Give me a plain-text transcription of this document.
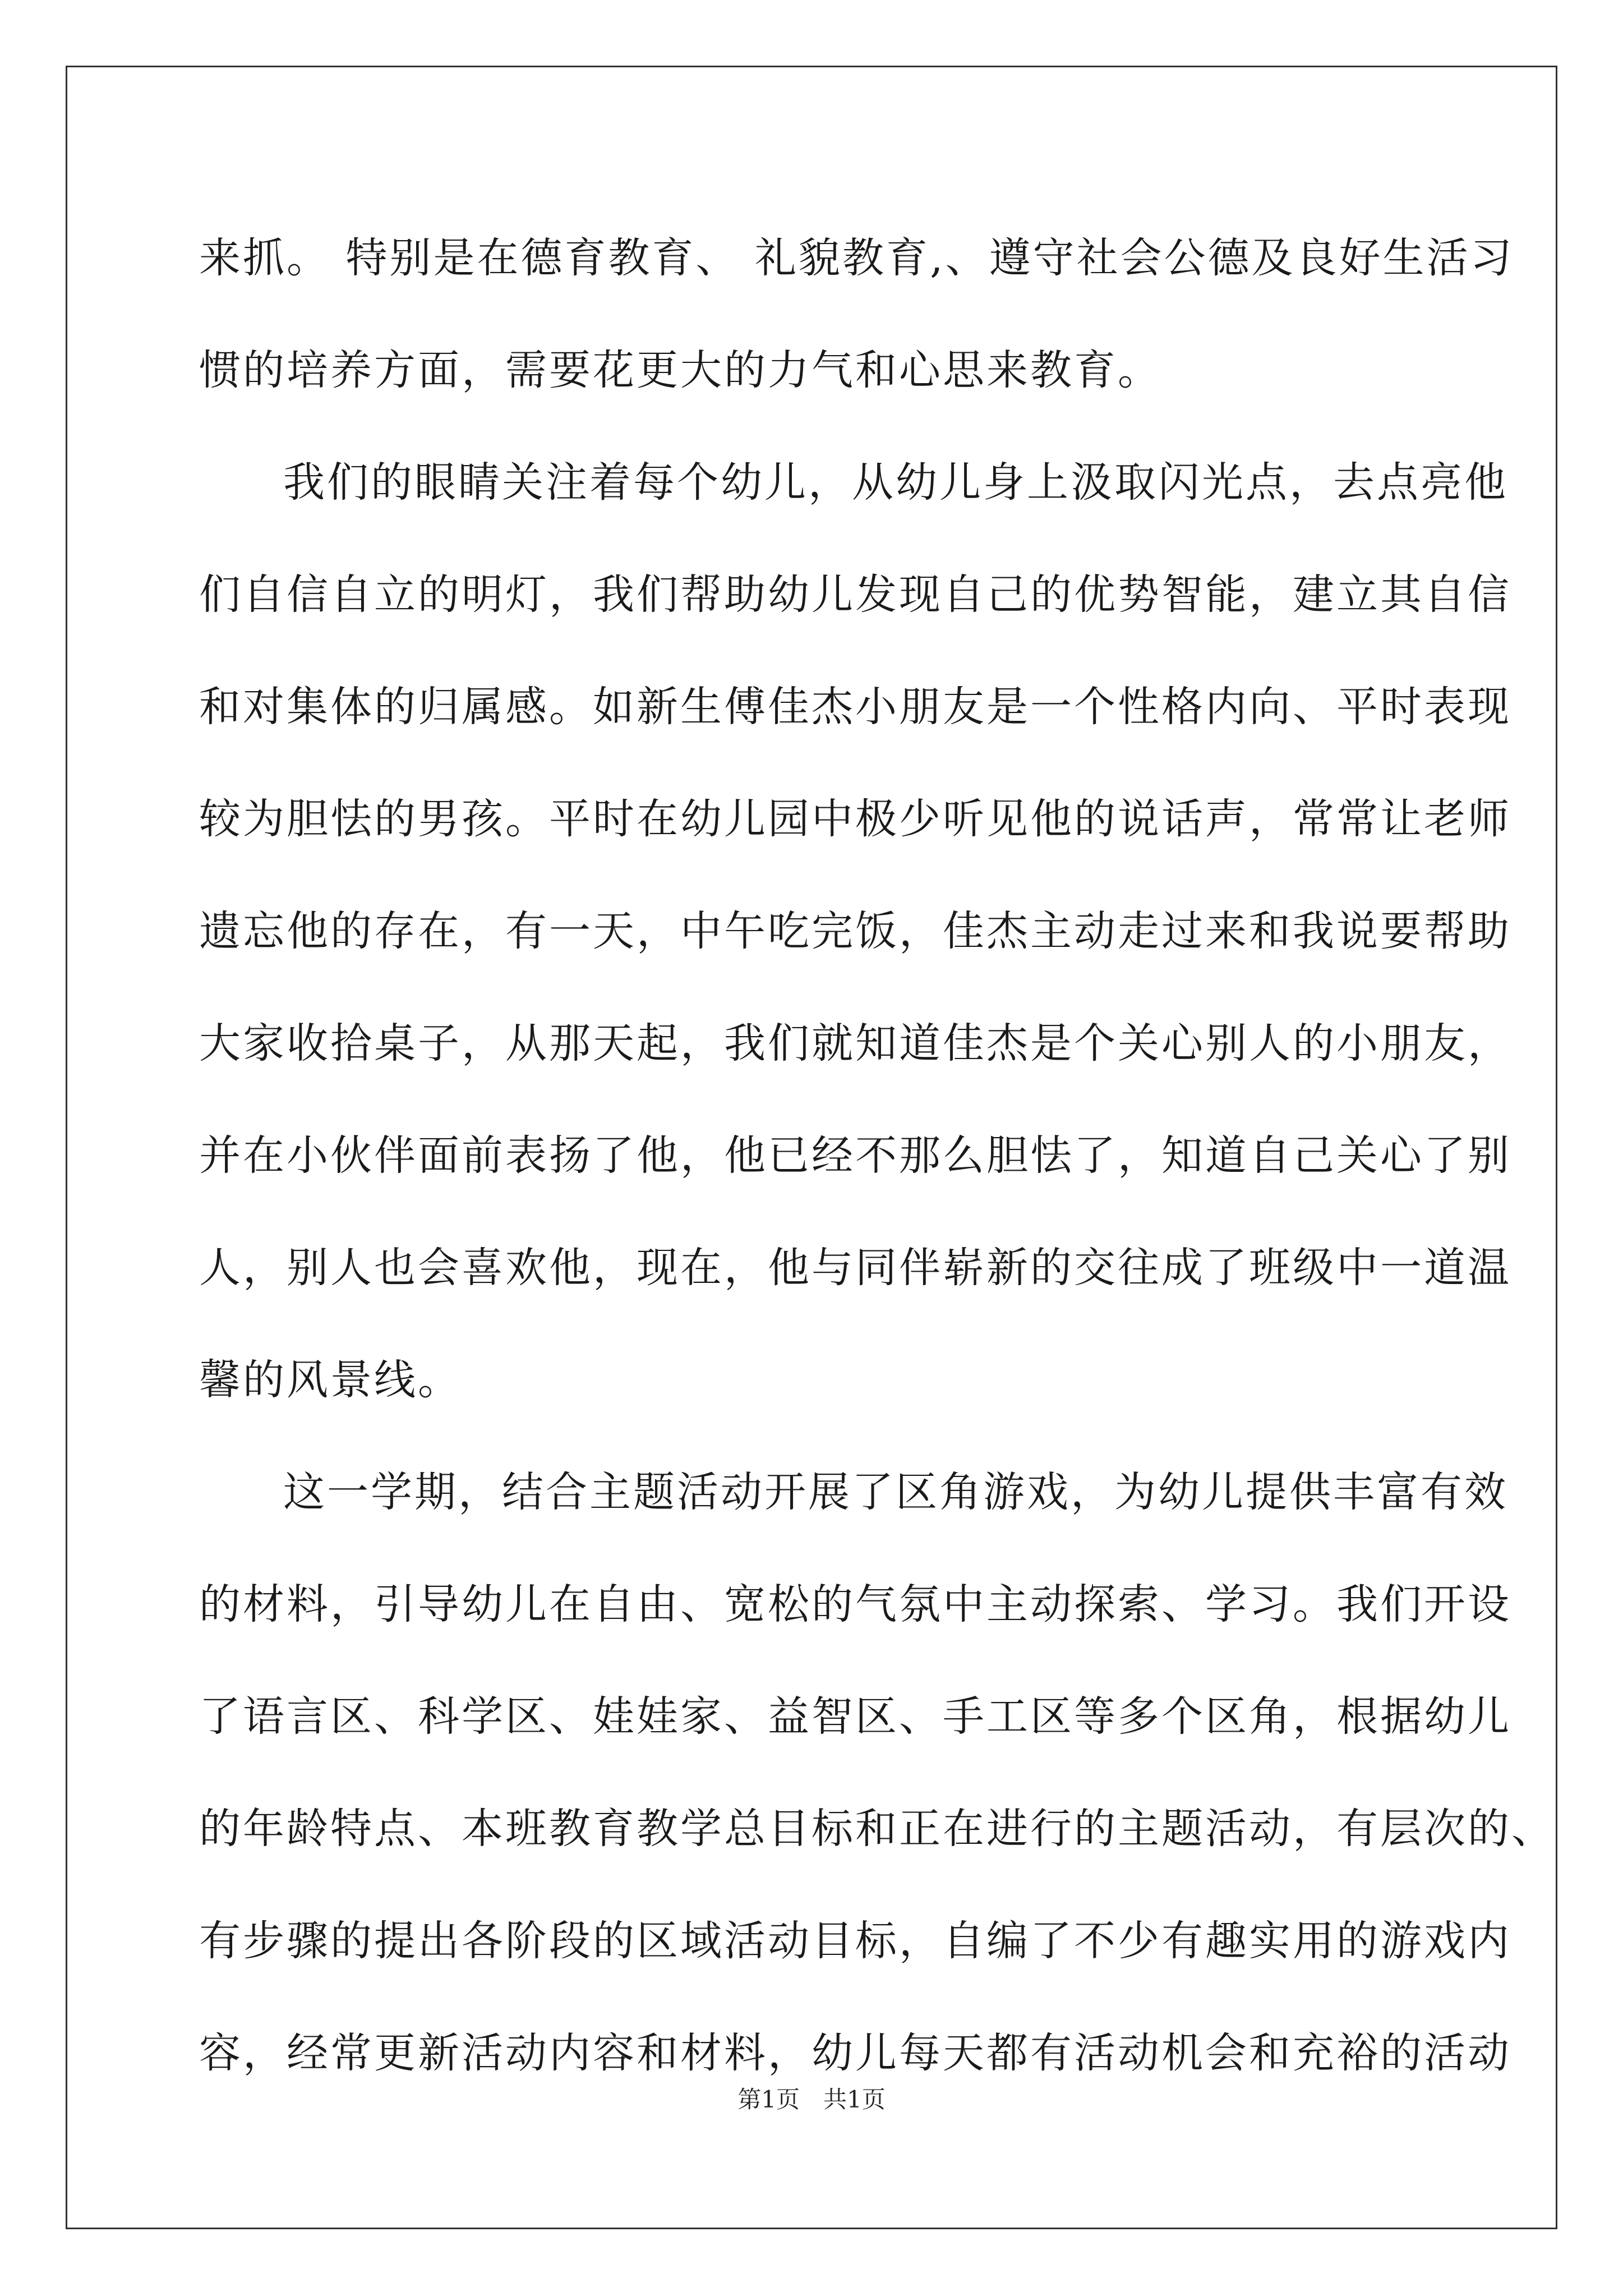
来抓。 特别是在德育教育、 礼貌教育,、遵守社会公德及良好生活习
惯的培养方面，需要花更大的力气和心思来教育。
我们的眼睛关注着每个幼儿，从幼儿身上汲取闪光点，去点亮他
们自信自立的明灯，我们帮助幼儿发现自己的优势智能，建立其自信
和对集体的归属感。如新生傅佳杰小朋友是一个性格内向、平时表现
较为胆怯的男孩。平时在幼儿园中极少听见他的说话声，常常让老师
遗忘他的存在，有一天，中午吃完饭，佳杰主动走过来和我说要帮助
大家收拾桌子，从那天起，我们就知道佳杰是个关心别人的小朋友，
并在小伙伴面前表扬了他，他已经不那么胆怯了，知道自己关心了别
人，别人也会喜欢他，现在，他与同伴崭新的交往成了班级中一道温
馨的风景线。
这一学期，结合主题活动开展了区角游戏，为幼儿提供丰富有效
的材料，引导幼儿在自由、宽松的气氛中主动探索、学习。我们开设
了语言区、科学区、娃娃家、益智区、手工区等多个区角，根据幼儿
的年龄特点、本班教育教学总目标和正在进行的主题活动，有层次的、
有步骤的提出各阶段的区域活动目标，自编了不少有趣实用的游戏内
容，经常更新活动内容和材料，幼儿每天都有活动机会和充裕的活动
第1页　共1页
